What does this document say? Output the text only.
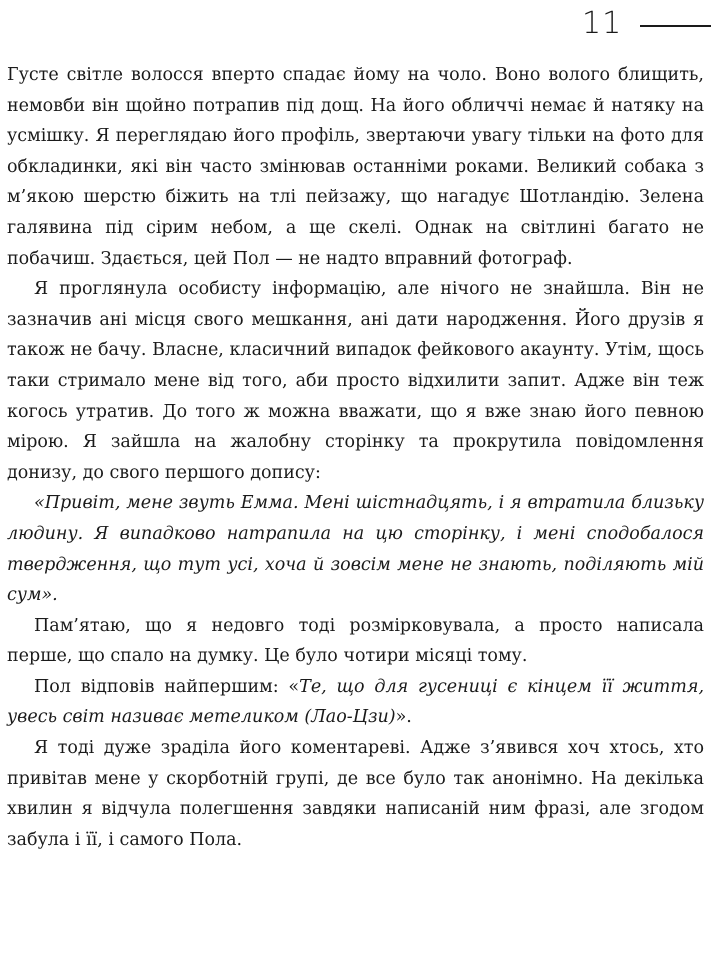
11

Густе світле волосся вперто спадає йому на чоло. Воно волого блищить, немовби він щойно потрапив під дощ. На його обличчі немає й натяку на усмішку. Я переглядаю його профіль, звертаючи увагу тільки на фото для обкладинки, які він часто змінював останніми роками. Великий собака з м’якою шерстю біжить на тлі пейзажу, що нагадує Шотландію. Зелена галявина під сірим небом, а ще скелі. Однак на світлині багато не побачиш. Здається, цей Пол — не надто вправний фотограф.

Я проглянула особисту інформацію, але нічого не знайшла. Він не зазначив ані місця свого мешкання, ані дати народження. Його друзів я також не бачу. Власне, класичний випадок фейкового акаунту. Утім, щось таки стримало мене від того, аби просто відхилити запит. Адже він теж когось утратив. До того ж можна вважати, що я вже знаю його певною мірою. Я зайшла на жалобну сторінку та прокрутила повідомлення донизу, до свого першого допису:

«Привіт, мене звуть Емма. Мені шістнадцять, і я втратила близьку людину. Я випадково натрапила на цю сторінку, і мені сподобалося твердження, що тут усі, хоча й зовсім мене не знають, поділяють мій сум».

Пам’ятаю, що я недовго тоді розмірковувала, а просто написала перше, що спало на думку. Це було чотири місяці тому.

Пол відповів найпершим: «Те, що для гусениці є кінцем її життя, увесь світ називає метеликом (Лао-Цзи)».

Я тоді дуже зраділа його коментареві. Адже з’явився хоч хтось, хто привітав мене у скорботній групі, де все було так анонімно. На декілька хвилин я відчула полегшення завдяки написаній ним фразі, але згодом забула і її, і самого Пола.
